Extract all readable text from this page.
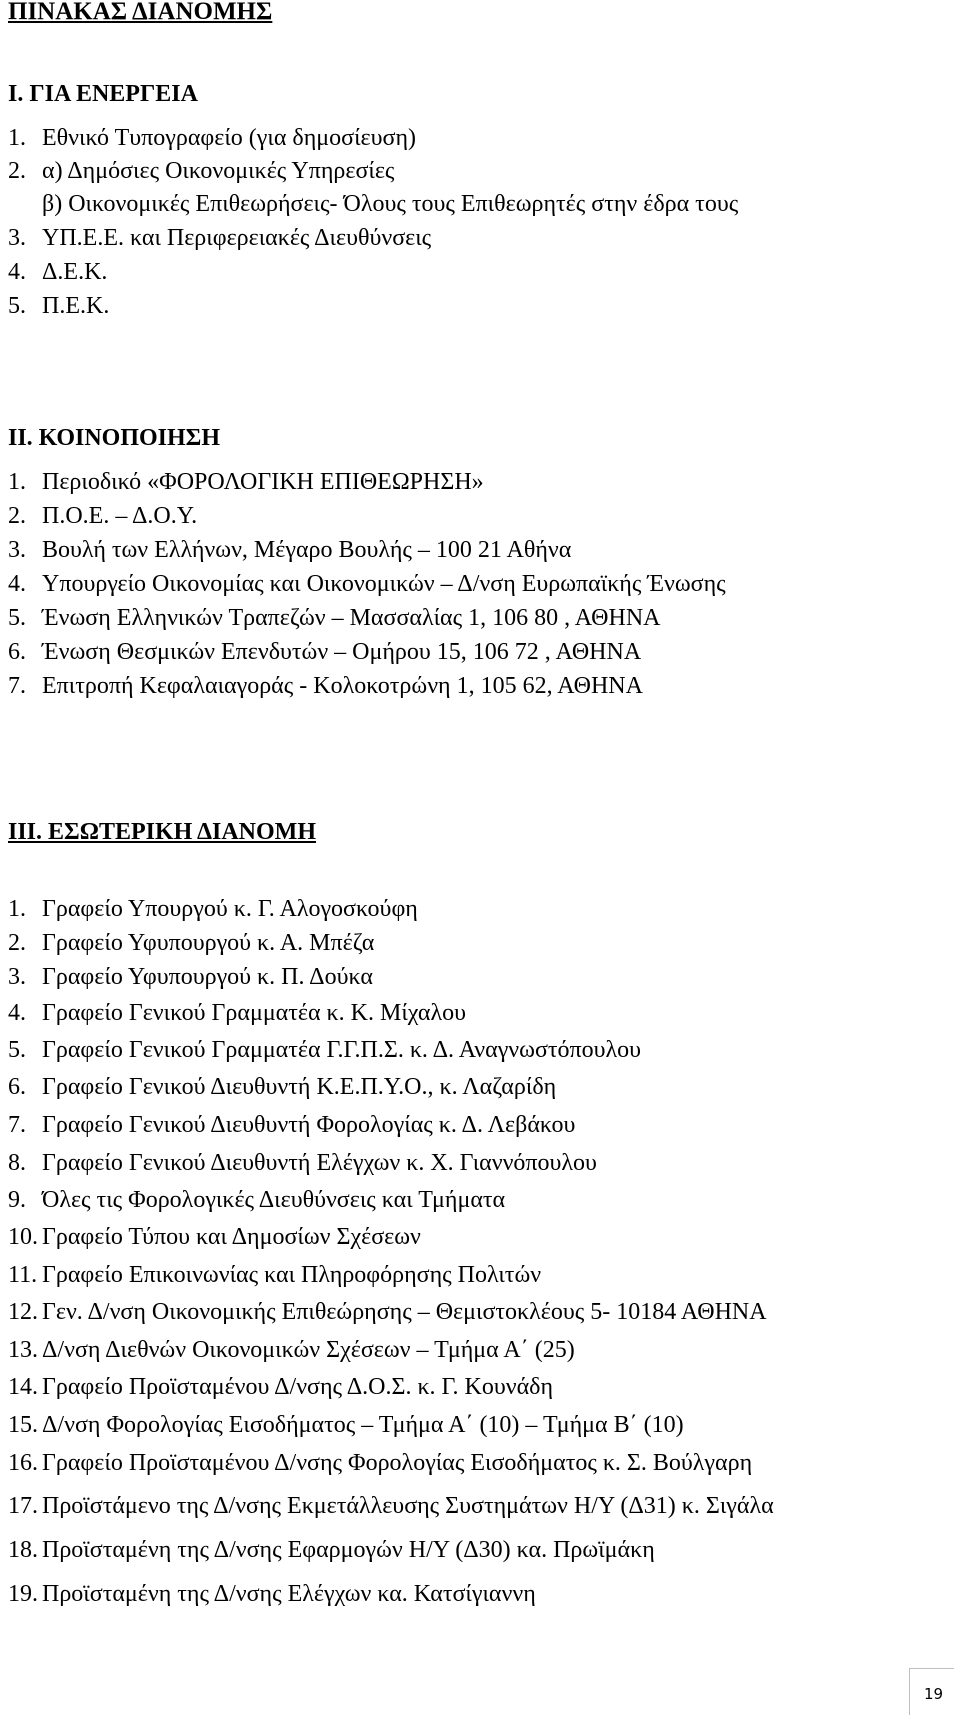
ΠΙΝΑΚΑΣ ΔΙΑΝΟΜΗΣ
Ι. ΓΙΑ ΕΝΕΡΓΕΙΑ
1. Εθνικό Τυπογραφείο (για δημοσίευση)
2. α) Δημόσιες Οικονομικές Υπηρεσίες
β) Οικονομικές Επιθεωρήσεις- Όλους τους Επιθεωρητές στην έδρα τους
3. ΥΠ.Ε.Ε. και Περιφερειακές Διευθύνσεις
4. Δ.Ε.Κ.
5. Π.Ε.Κ.
ΙΙ. ΚΟΙΝΟΠΟΙΗΣΗ
1. Περιοδικό «ΦΟΡΟΛΟΓΙΚΗ ΕΠΙΘΕΩΡΗΣΗ»
2. Π.Ο.Ε. – Δ.Ο.Υ.
3. Βουλή των Ελλήνων, Μέγαρο Βουλής – 100 21 Αθήνα
4. Υπουργείο Οικονομίας και Οικονομικών – Δ/νση Ευρωπαϊκής Ένωσης
5. Ένωση Ελληνικών Τραπεζών – Μασσαλίας 1, 106 80 , ΑΘΗΝΑ
6. Ένωση Θεσμικών Επενδυτών – Ομήρου 15, 106 72 , ΑΘΗΝΑ
7. Επιτροπή Κεφαλαιαγοράς - Κολοκοτρώνη 1, 105 62, ΑΘΗΝΑ
ΙΙΙ. ΕΣΩΤΕΡΙΚΗ ΔΙΑΝΟΜΗ
1. Γραφείο Υπουργού κ. Γ. Αλογοσκούφη
2. Γραφείο Υφυπουργού κ. Α. Μπέζα
3. Γραφείο Υφυπουργού κ. Π. Δούκα
4. Γραφείο Γενικού Γραμματέα κ. Κ. Μίχαλου
5. Γραφείο Γενικού Γραμματέα Γ.Γ.Π.Σ. κ. Δ. Αναγνωστόπουλου
6. Γραφείο Γενικού Διευθυντή Κ.Ε.Π.Υ.Ο., κ. Λαζαρίδη
7. Γραφείο Γενικού Διευθυντή Φορολογίας κ. Δ. Λεβάκου
8. Γραφείο Γενικού Διευθυντή Ελέγχων κ. Χ. Γιαννόπουλου
9. Όλες τις Φορολογικές Διευθύνσεις και Τμήματα
10. Γραφείο Τύπου και Δημοσίων Σχέσεων
11. Γραφείο Επικοινωνίας και Πληροφόρησης Πολιτών
12. Γεν. Δ/νση Οικονομικής Επιθεώρησης – Θεμιστοκλέους 5- 10184 ΑΘΗΝΑ
13. Δ/νση Διεθνών Οικονομικών Σχέσεων – Τμήμα Α΄ (25)
14. Γραφείο Προϊσταμένου Δ/νσης Δ.Ο.Σ. κ. Γ. Κουνάδη
15. Δ/νση Φορολογίας Εισοδήματος – Τμήμα Α΄ (10) – Τμήμα Β΄ (10)
16. Γραφείο Προϊσταμένου Δ/νσης Φορολογίας Εισοδήματος κ. Σ. Βούλγαρη
17. Προϊστάμενο της Δ/νσης Εκμετάλλευσης Συστημάτων Η/Υ (Δ31) κ. Σιγάλα
18. Προϊσταμένη της Δ/νσης Εφαρμογών Η/Υ (Δ30) κα. Πρωϊμάκη
19. Προϊσταμένη της Δ/νσης Ελέγχων κα. Κατσίγιαννη
19
